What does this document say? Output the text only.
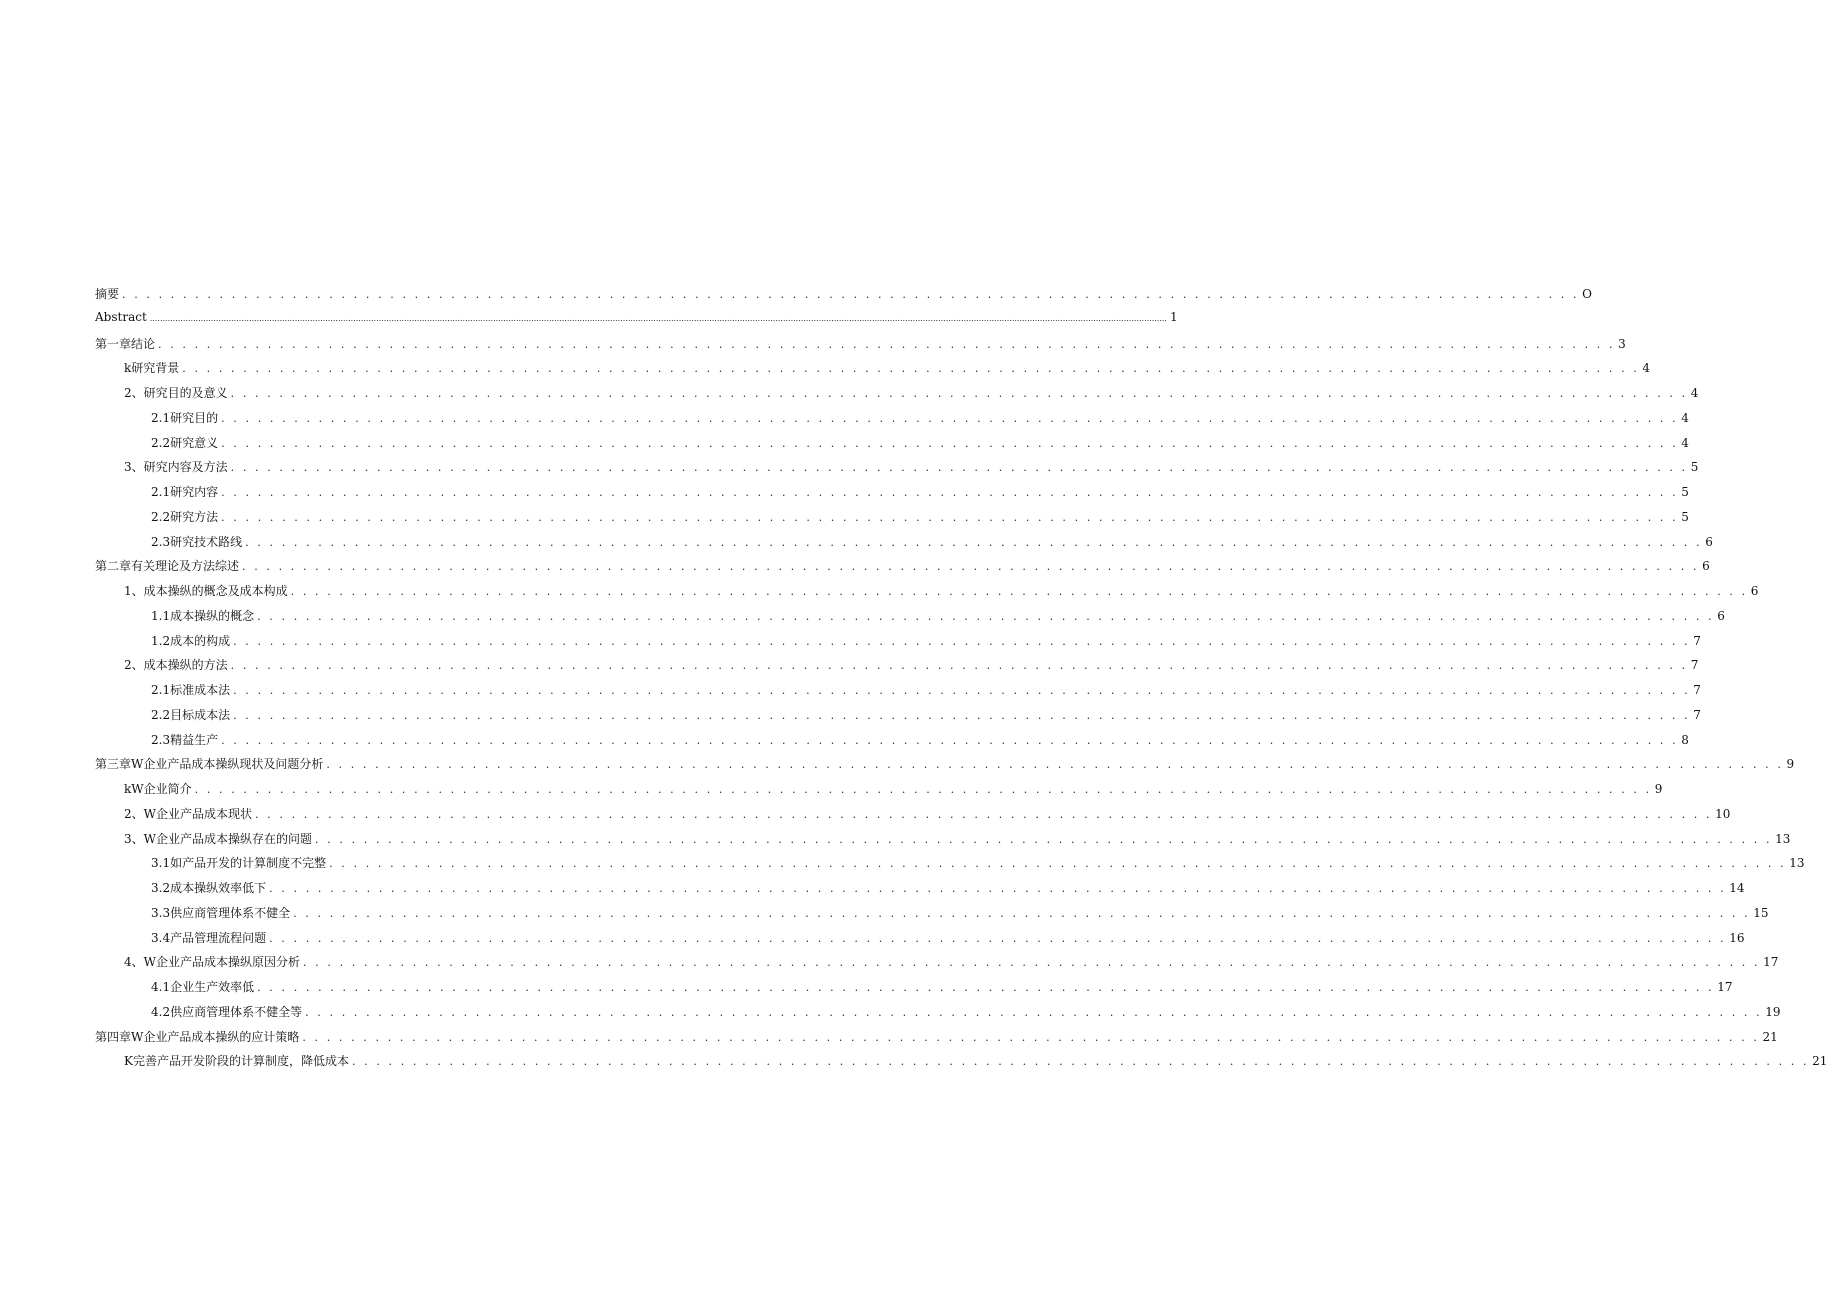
摘要 . . . . . . . . . . . . . . . . . . . . . . . . . . . . . . . . . . . . . . . . . . . . . . . . . . . . . . . . . . . . . . . . . . . . . . . . . . . . . . . . . . . . . . . . . . . . . . . . . . . . . . . . . . . . . . . . . . . . . . . . O
Abstract ................................................................................................................................................................................................................................................................................................................................................................................................................ 1
第一章结论 . . . . . . . . . . . . . . . . . . . . . . . . . . . . . . . . . . . . . . . . . . . . . . . . . . . . . . . . . . . . . . . . . . . . . . . . . . . . . . . . . . . . . . . . . . . . . . . . . . . . . . . . . . . . . . . . . . . . . . . . 3
k研究背景 . . . . . . . . . . . . . . . . . . . . . . . . . . . . . . . . . . . . . . . . . . . . . . . . . . . . . . . . . . . . . . . . . . . . . . . . . . . . . . . . . . . . . . . . . . . . . . . . . . . . . . . . . . . . . . . . . . . . . . . . 4
2、研究目的及意义 . . . . . . . . . . . . . . . . . . . . . . . . . . . . . . . . . . . . . . . . . . . . . . . . . . . . . . . . . . . . . . . . . . . . . . . . . . . . . . . . . . . . . . . . . . . . . . . . . . . . . . . . . . . . . . . . . . . . . . . . 4
2.1 研究目的 . . . . . . . . . . . . . . . . . . . . . . . . . . . . . . . . . . . . . . . . . . . . . . . . . . . . . . . . . . . . . . . . . . . . . . . . . . . . . . . . . . . . . . . . . . . . . . . . . . . . . . . . . . . . . . . . . . . . . . . . 4
2.2 研究意义 . . . . . . . . . . . . . . . . . . . . . . . . . . . . . . . . . . . . . . . . . . . . . . . . . . . . . . . . . . . . . . . . . . . . . . . . . . . . . . . . . . . . . . . . . . . . . . . . . . . . . . . . . . . . . . . . . . . . . . . . 4
3、研究内容及方法 . . . . . . . . . . . . . . . . . . . . . . . . . . . . . . . . . . . . . . . . . . . . . . . . . . . . . . . . . . . . . . . . . . . . . . . . . . . . . . . . . . . . . . . . . . . . . . . . . . . . . . . . . . . . . . . . . . . . . . . . 5
2.1 研究内容 . . . . . . . . . . . . . . . . . . . . . . . . . . . . . . . . . . . . . . . . . . . . . . . . . . . . . . . . . . . . . . . . . . . . . . . . . . . . . . . . . . . . . . . . . . . . . . . . . . . . . . . . . . . . . . . . . . . . . . . . 5
2.2 研究方法 . . . . . . . . . . . . . . . . . . . . . . . . . . . . . . . . . . . . . . . . . . . . . . . . . . . . . . . . . . . . . . . . . . . . . . . . . . . . . . . . . . . . . . . . . . . . . . . . . . . . . . . . . . . . . . . . . . . . . . . . 5
2.3 研究技术路线 . . . . . . . . . . . . . . . . . . . . . . . . . . . . . . . . . . . . . . . . . . . . . . . . . . . . . . . . . . . . . . . . . . . . . . . . . . . . . . . . . . . . . . . . . . . . . . . . . . . . . . . . . . . . . . . . . . . . . . . . 6
第二章有关理论及方法综述 . . . . . . . . . . . . . . . . . . . . . . . . . . . . . . . . . . . . . . . . . . . . . . . . . . . . . . . . . . . . . . . . . . . . . . . . . . . . . . . . . . . . . . . . . . . . . . . . . . . . . . . . . . . . . . . . . . . . . . . . 6
1、成本操纵的概念及成本构成 . . . . . . . . . . . . . . . . . . . . . . . . . . . . . . . . . . . . . . . . . . . . . . . . . . . . . . . . . . . . . . . . . . . . . . . . . . . . . . . . . . . . . . . . . . . . . . . . . . . . . . . . . . . . . . . . . . . . . . . . 6
1.1 成本操纵的概念 . . . . . . . . . . . . . . . . . . . . . . . . . . . . . . . . . . . . . . . . . . . . . . . . . . . . . . . . . . . . . . . . . . . . . . . . . . . . . . . . . . . . . . . . . . . . . . . . . . . . . . . . . . . . . . . . . . . . . . . . 6
1.2 成本的构成 . . . . . . . . . . . . . . . . . . . . . . . . . . . . . . . . . . . . . . . . . . . . . . . . . . . . . . . . . . . . . . . . . . . . . . . . . . . . . . . . . . . . . . . . . . . . . . . . . . . . . . . . . . . . . . . . . . . . . . . . 7
2、成本操纵的方法 . . . . . . . . . . . . . . . . . . . . . . . . . . . . . . . . . . . . . . . . . . . . . . . . . . . . . . . . . . . . . . . . . . . . . . . . . . . . . . . . . . . . . . . . . . . . . . . . . . . . . . . . . . . . . . . . . . . . . . . . 7
2.1 标准成本法 . . . . . . . . . . . . . . . . . . . . . . . . . . . . . . . . . . . . . . . . . . . . . . . . . . . . . . . . . . . . . . . . . . . . . . . . . . . . . . . . . . . . . . . . . . . . . . . . . . . . . . . . . . . . . . . . . . . . . . . . 7
2.2 目标成本法 . . . . . . . . . . . . . . . . . . . . . . . . . . . . . . . . . . . . . . . . . . . . . . . . . . . . . . . . . . . . . . . . . . . . . . . . . . . . . . . . . . . . . . . . . . . . . . . . . . . . . . . . . . . . . . . . . . . . . . . . 7
2.3 精益生产 . . . . . . . . . . . . . . . . . . . . . . . . . . . . . . . . . . . . . . . . . . . . . . . . . . . . . . . . . . . . . . . . . . . . . . . . . . . . . . . . . . . . . . . . . . . . . . . . . . . . . . . . . . . . . . . . . . . . . . . . 8
第三章W企业产品成本操纵现状及问题分析 . . . . . . . . . . . . . . . . . . . . . . . . . . . . . . . . . . . . . . . . . . . . . . . . . . . . . . . . . . . . . . . . . . . . . . . . . . . . . . . . . . . . . . . . . . . . . . . . . . . . . . . . . . . . . . . . . . . . . . . . 9
k W企业简介 . . . . . . . . . . . . . . . . . . . . . . . . . . . . . . . . . . . . . . . . . . . . . . . . . . . . . . . . . . . . . . . . . . . . . . . . . . . . . . . . . . . . . . . . . . . . . . . . . . . . . . . . . . . . . . . . . . . . . . . . 9
2、W企业产品成本现状 . . . . . . . . . . . . . . . . . . . . . . . . . . . . . . . . . . . . . . . . . . . . . . . . . . . . . . . . . . . . . . . . . . . . . . . . . . . . . . . . . . . . . . . . . . . . . . . . . . . . . . . . . . . . . . . . . . . . . . . . 10
3、W企业产品成本操纵存在的问题 . . . . . . . . . . . . . . . . . . . . . . . . . . . . . . . . . . . . . . . . . . . . . . . . . . . . . . . . . . . . . . . . . . . . . . . . . . . . . . . . . . . . . . . . . . . . . . . . . . . . . . . . . . . . . . . . . . . . . . . . 13
3.1 如产品开发的计算制度不完整 . . . . . . . . . . . . . . . . . . . . . . . . . . . . . . . . . . . . . . . . . . . . . . . . . . . . . . . . . . . . . . . . . . . . . . . . . . . . . . . . . . . . . . . . . . . . . . . . . . . . . . . . . . . . . . . . . . . . . . . . 13
3.2 成本操纵效率低下 . . . . . . . . . . . . . . . . . . . . . . . . . . . . . . . . . . . . . . . . . . . . . . . . . . . . . . . . . . . . . . . . . . . . . . . . . . . . . . . . . . . . . . . . . . . . . . . . . . . . . . . . . . . . . . . . . . . . . . . . 14
3.3 供应商管理体系不健全 . . . . . . . . . . . . . . . . . . . . . . . . . . . . . . . . . . . . . . . . . . . . . . . . . . . . . . . . . . . . . . . . . . . . . . . . . . . . . . . . . . . . . . . . . . . . . . . . . . . . . . . . . . . . . . . . . . . . . . . . 15
3.4 产品管理流程问题 . . . . . . . . . . . . . . . . . . . . . . . . . . . . . . . . . . . . . . . . . . . . . . . . . . . . . . . . . . . . . . . . . . . . . . . . . . . . . . . . . . . . . . . . . . . . . . . . . . . . . . . . . . . . . . . . . . . . . . . . 16
4、W企业产品成本操纵原因分析 . . . . . . . . . . . . . . . . . . . . . . . . . . . . . . . . . . . . . . . . . . . . . . . . . . . . . . . . . . . . . . . . . . . . . . . . . . . . . . . . . . . . . . . . . . . . . . . . . . . . . . . . . . . . . . . . . . . . . . . . 17
4.1 企业生产效率低 . . . . . . . . . . . . . . . . . . . . . . . . . . . . . . . . . . . . . . . . . . . . . . . . . . . . . . . . . . . . . . . . . . . . . . . . . . . . . . . . . . . . . . . . . . . . . . . . . . . . . . . . . . . . . . . . . . . . . . . . 17
4.2 供应商管理体系不健全等 . . . . . . . . . . . . . . . . . . . . . . . . . . . . . . . . . . . . . . . . . . . . . . . . . . . . . . . . . . . . . . . . . . . . . . . . . . . . . . . . . . . . . . . . . . . . . . . . . . . . . . . . . . . . . . . . . . . . . . . . 19
第四章W企业产品成本操纵的应计策略 . . . . . . . . . . . . . . . . . . . . . . . . . . . . . . . . . . . . . . . . . . . . . . . . . . . . . . . . . . . . . . . . . . . . . . . . . . . . . . . . . . . . . . . . . . . . . . . . . . . . . . . . . . . . . . . . . . . . . . . . 21
K完善产品开发阶段的计算制度，降低成本 . . . . . . . . . . . . . . . . . . . . . . . . . . . . . . . . . . . . . . . . . . . . . . . . . . . . . . . . . . . . . . . . . . . . . . . . . . . . . . . . . . . . . . . . . . . . . . . . . . . . . . . . . . . . . . . . . . . . . . . . 21
